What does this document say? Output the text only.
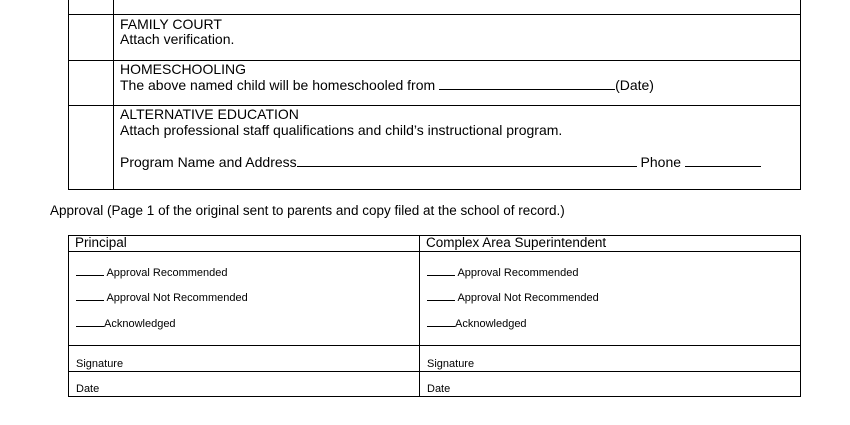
FAMILY COURT
Attach verification.
HOMESCHOOLING
The above named child will be homeschooled from	(Date)
ALTERNATIVE EDUCATION
Attach professional staff qualifications and child’s instructional program.
Program Name and Address	Phone
Approval (Page 1 of the original sent to parents and copy filed at the school of record.)
Principal
Approval Recommended
Approval Not Recommended
Acknowledged
Signature
Date
Complex Area Superintendent
Approval Recommended
Approval Not Recommended
Acknowledged
Signature
Date
